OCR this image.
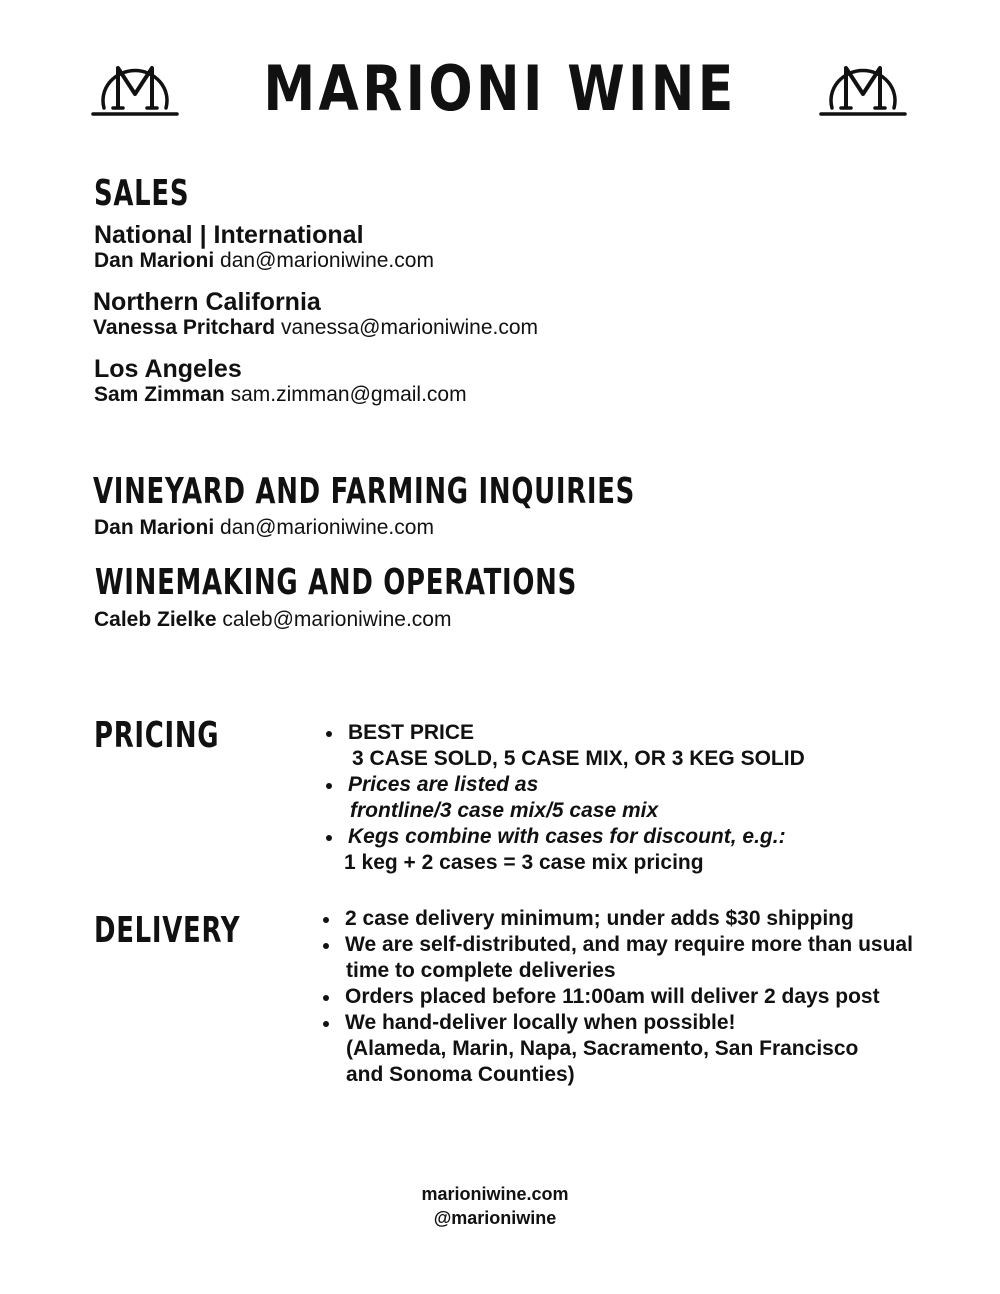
MARIONI WINE
SALES

National | International

Dan Marioni dan@marioniwine.com

Northern California

Vanessa Pritchard vanessa@marioniwine.com

Los Angeles

Sam Zimman sam.zimman@gmail.com

VINEYARD AND FARMING INQUIRIES

Dan Marioni dan@marioniwine.com

WINEMAKING AND OPERATIONS

Caleb Zielke caleb@marioniwine.com

PRICING	BEST PRICE
3 CASE SOLD, 5 CASE MIX, OR 3 KEG SOLID
Prices are listed as
frontline/3 case mix/5 case mix
Kegs combine with cases for discount, e.g.:
1 keg + 2 cases = 3 case mix pricing
DELIVERY	2 case delivery minimum; under adds $30 shipping
We are self-distributed, and may require more than usual
time to complete deliveries
Orders placed before 11:00am will deliver 2 days post
We hand-deliver locally when possible!
(Alameda, Marin, Napa, Sacramento, San Francisco
and Sonoma Counties)
marioniwine.com
@marioniwine
